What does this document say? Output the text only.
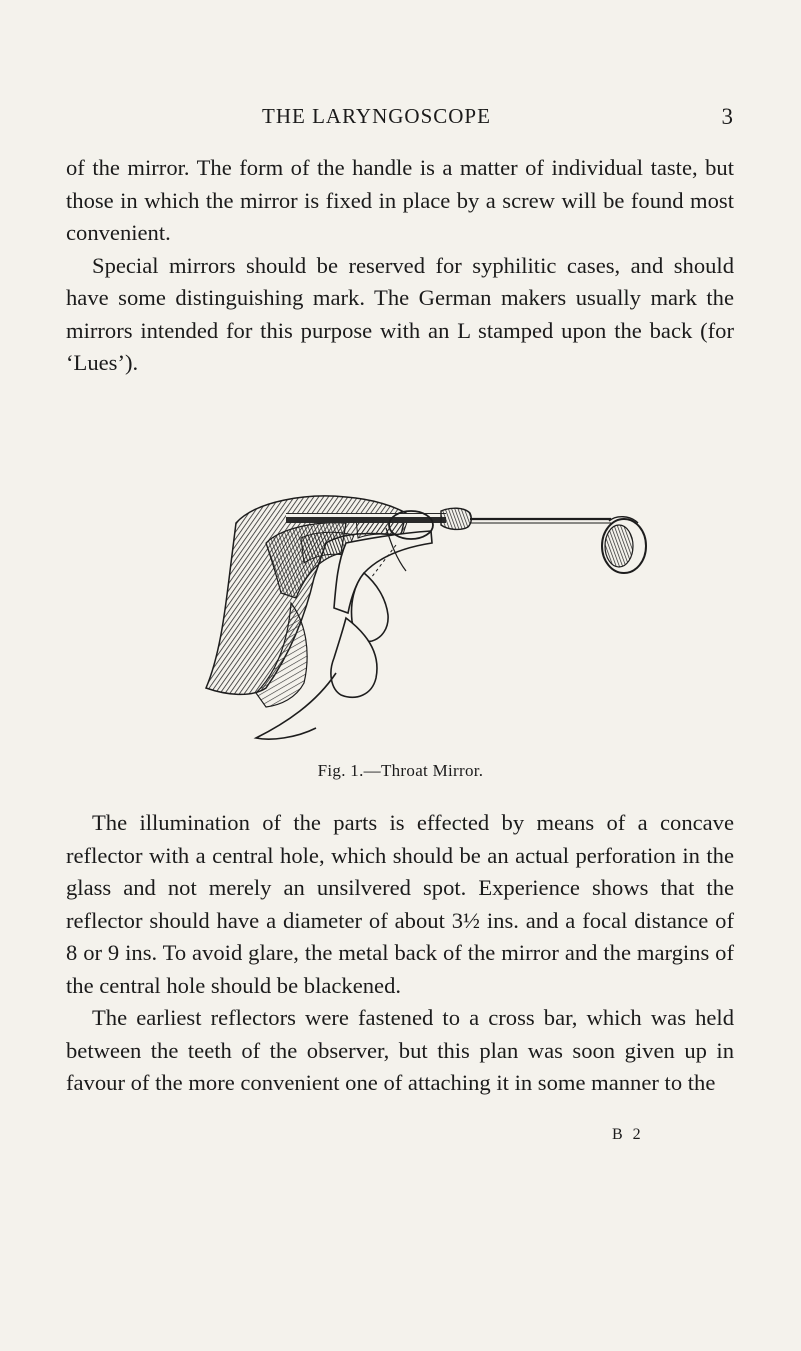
THE LARYNGOSCOPE	3

of the mirror. The form of the handle is a matter of individual taste, but those in which the mirror is fixed in place by a screw will be found most convenient.

Special mirrors should be reserved for syphilitic cases, and should have some distinguishing mark. The German makers usually mark the mirrors intended for this purpose with an L stamped upon the back (for ‘Lues’).

Fig. 1.—Throat Mirror.

The illumination of the parts is effected by means of a concave reflector with a central hole, which should be an actual perforation in the glass and not merely an unsilvered spot. Experience shows that the reflector should have a diameter of about 3½ ins. and a focal distance of 8 or 9 ins. To avoid glare, the metal back of the mirror and the margins of the central hole should be blackened.

The earliest reflectors were fastened to a cross bar, which was held between the teeth of the observer, but this plan was soon given up in favour of the more convenient one of attaching it in some manner to the

B 2
